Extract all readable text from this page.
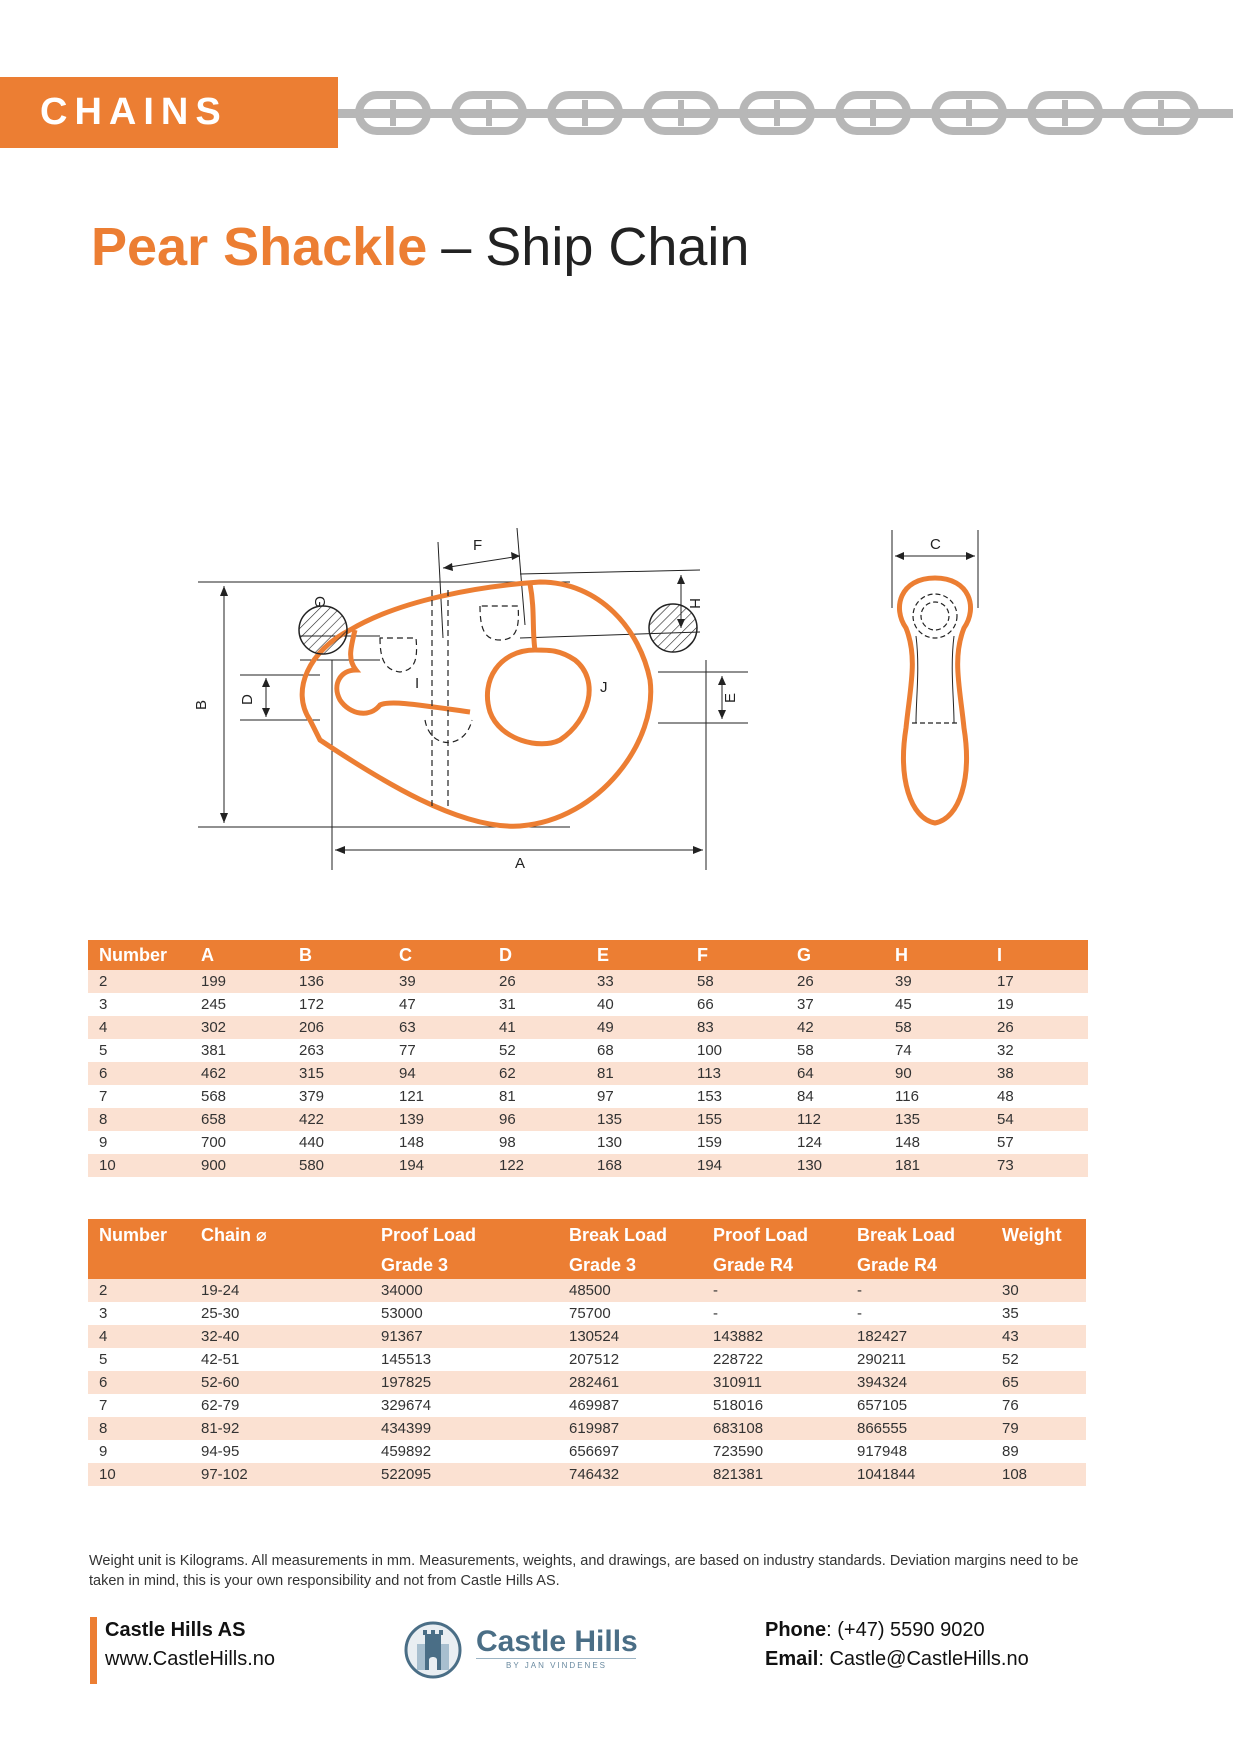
CHAINS
Pear Shackle – Ship Chain
A
B D	E
F
G	H
I	J
C
Number	A	B	C	D	E	F	G	H	I
2	199	136	39	26	33	58	26	39	17
3	245	172	47	31	40	66	37	45	19
4	302	206	63	41	49	83	42	58	26
5	381	263	77	52	68	100	58	74	32
6	462	315	94	62	81	113	64	90	38
7	568	379	121	81	97	153	84	116	48
8	658	422	139	96	135	155	112	135	54
9	700	440	148	98	130	159	124	148	57
10	900	580	194	122	168	194	130	181	73
Number	Chain ⌀	Proof Load	Break Load	Proof Load	Break Load	Weight
		Grade 3	Grade 3	Grade R4	Grade R4	
2	19-24	34000	48500	-	-	30
3	25-30	53000	75700	-	-	35
4	32-40	91367	130524	143882	182427	43
5	42-51	145513	207512	228722	290211	52
6	52-60	197825	282461	310911	394324	65
7	62-79	329674	469987	518016	657105	76
8	81-92	434399	619987	683108	866555	79
9	94-95	459892	656697	723590	917948	89
10	97-102	522095	746432	821381	1041844	108
Weight unit is Kilograms. All measurements in mm. Measurements, weights, and drawings, are based on industry standards. Deviation margins need to be taken in mind, this is your own responsibility and not from Castle Hills AS.
Castle Hills AS
www.CastleHills.no
Castle Hills
BY JAN VINDENES
Phone: (+47) 5590 9020
Email: Castle@CastleHills.no
